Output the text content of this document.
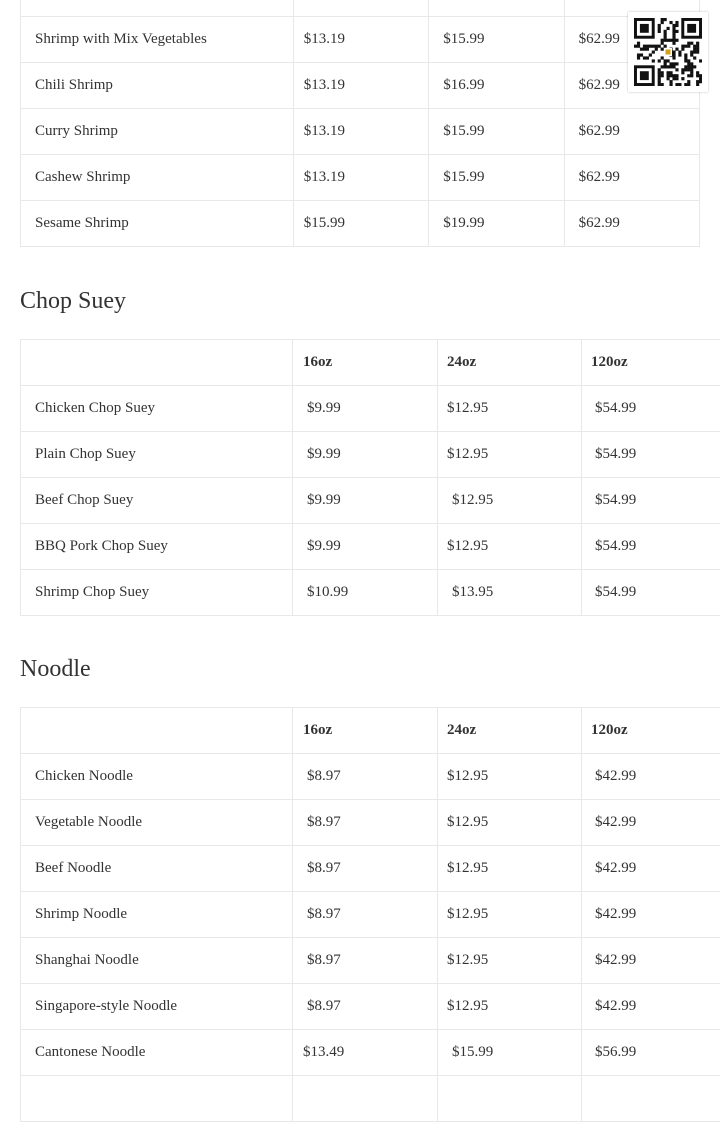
Shrimp with Mix Vegetables	$13.19	$15.99	$62.99
Chili Shrimp	$13.19	$16.99	$62.99
Curry Shrimp	$13.19	$15.99	$62.99
Cashew Shrimp	$13.19	$15.99	$62.99
Sesame Shrimp	$15.99	$19.99	$62.99
Chop Suey
	16oz	24oz	120oz
Chicken Chop Suey	$9.99	$12.95	$54.99
Plain Chop Suey	$9.99	$12.95	$54.99
Beef Chop Suey	$9.99	$12.95	$54.99
BBQ Pork Chop Suey	$9.99	$12.95	$54.99
Shrimp Chop Suey	$10.99	$13.95	$54.99
Noodle
	16oz	24oz	120oz
Chicken Noodle	$8.97	$12.95	$42.99
Vegetable Noodle	$8.97	$12.95	$42.99
Beef Noodle	$8.97	$12.95	$42.99
Shrimp Noodle	$8.97	$12.95	$42.99
Shanghai Noodle	$8.97	$12.95	$42.99
Singapore-style Noodle	$8.97	$12.95	$42.99
Cantonese Noodle	$13.49	$15.99	$56.99
